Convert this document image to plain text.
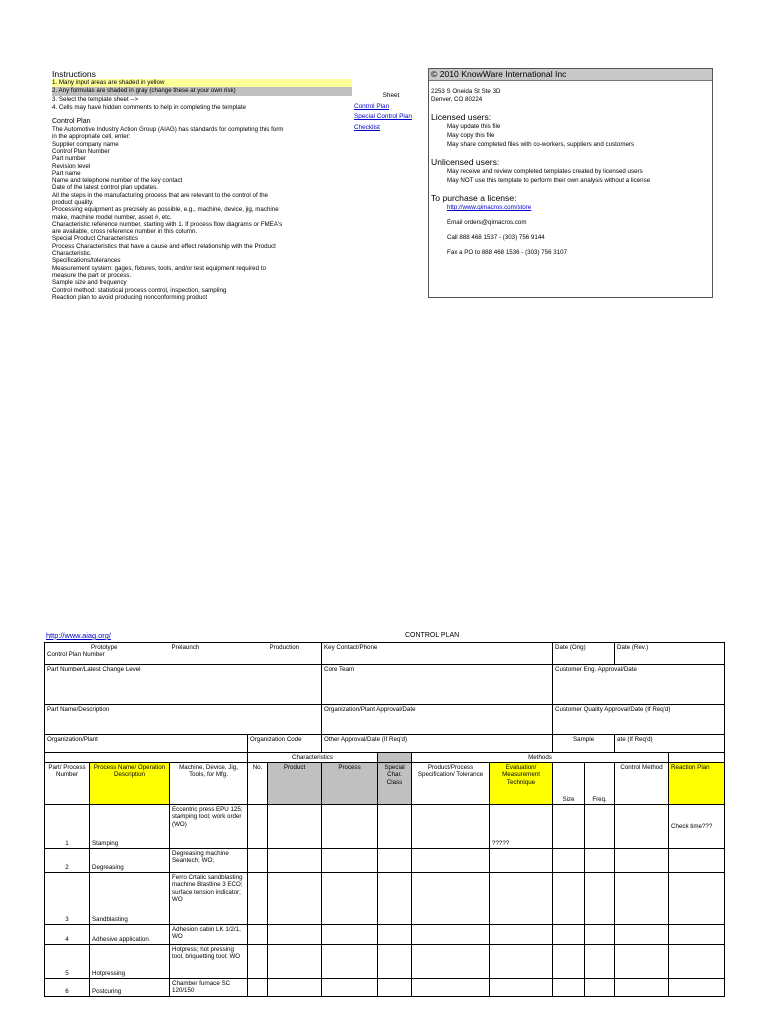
Instructions
1. Many input areas are shaded in yellow
2. Any formulas are shaded in gray (change these at your own risk)
3. Select the template sheet -->
4. Cells may have hidden comments to help in completing the template
Control Plan
The Automotive Industry Action Group (AIAG) has standards for completing this form
in the appropriate cell, enter:
Supplier company name
Control Plan Number
Part number
Revision level
Part name
Name and telephone number of the key contact
Date of the latest control plan updates.
All the steps in the manufacturing process that are relevant to the control of the
product quality.
Processing equipment as precisely as possible, e.g., machine, device, jig, machine
make, machine model number, asset #, etc.
Characteristic reference number, starting with 1. If process flow diagrams or FMEA's
are available, cross reference number in this column.
Special Product Characteristics
Process Characteristics that have a cause and effect relationship with the Product
Characteristic.
Specifications/tolerances
Measurement system: gages, fixtures, tools, and/or test equipment required to
measure the part or process.
Sample size and frequency
Control method: statistical process control, inspection, sampling
Reaction plan to avoid producing nonconforming product
Sheet
Control Plan
Special Control Plan
Checklist
© 2010 KnowWare International Inc
2253 S Oneida St Ste 3D
Denver, CO 80224
Licensed users:
May update this file
May copy this file
May share completed files with co-workers, suppliers and customers
Unlicensed users:
May receive and review completed templates created by licensed users
May NOT use this template to perform their own analysis without a license
To purchase a license:
http://www.qimacros.com/store
Email orders@qimacros.com
Call 888 468 1537 - (303) 756 9144
Fax a PO to 888 468 1536 - (303) 756 3107
http://www.aiag.org/	CONTROL PLAN
Prototype
Control Plan Number		Prelaunch		Production	Key Contact/Phone				Date (Orig)		Date (Rev.)	
Part Number/Latest Change Level					Core Team				Customer Eng. Approval/Date			
Part Name/Description					Organization/Plant Approval/Date				Customer Quality Approval/Date (If Req'd)			
Organization/Plant			Organization Code		Other Approval/Date (If Req'd)				Sample		ate (If Req'd)	
			Characteristics				Methods					
Part/ Process Number	Process Name/ Operation Description	Machine, Device, Jig, Tools, for Mfg.	No.	Product	Process	Special Char. Class	Product/Process Specification/ Tolerance	Evaluation/ Measurement Technique	Size	Freq.	Control Method	Reaction Plan
1	Stamping	Eccentric press EPU 125; stamping tool; work order (WO)						?????				Check time???
2	Degreasing	Degreasing machine Seantech; WO;										
3	Sandblasting	Ferro Crtalic sandblasting machine Blastline 3 ECO; surface tension indicator; WO										
4	Adhesive application	Adhesion cabin LK 1/2/1, WO										
5	Hotpressing	Hotpress; hot pressing tool, briquetting tool; WO										
6	Postcuring	Chamber furnace SC 120/150										
